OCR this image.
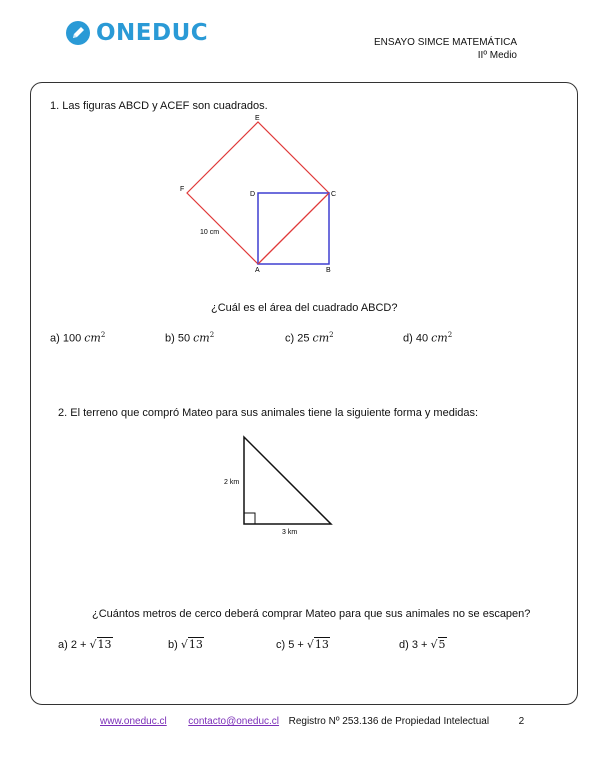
ONEDUC	ENSAYO SIMCE MATEMÁTICA
IIº Medio
1. Las figuras ABCD y ACEF son cuadrados.
E
F
D	C
A	B
10 cm
2 km
3 km
¿Cuál es el área del cuadrado ABCD?
a) 100 $cm^2$	b) 50 $cm^2$	c) 25 $cm^2$	d) 40 $cm^2$
2. El terreno que compró Mateo para sus animales tiene la siguiente forma y medidas:
¿Cuántos metros de cerco deberá comprar Mateo para que sus animales no se escapen?
a) 2 + √13	b) √13	c) 5 + √13	d) 3 + √5
www.oneduc.cl contacto@oneduc.cl Registro Nº 253.136 de Propiedad Intelectual	2
